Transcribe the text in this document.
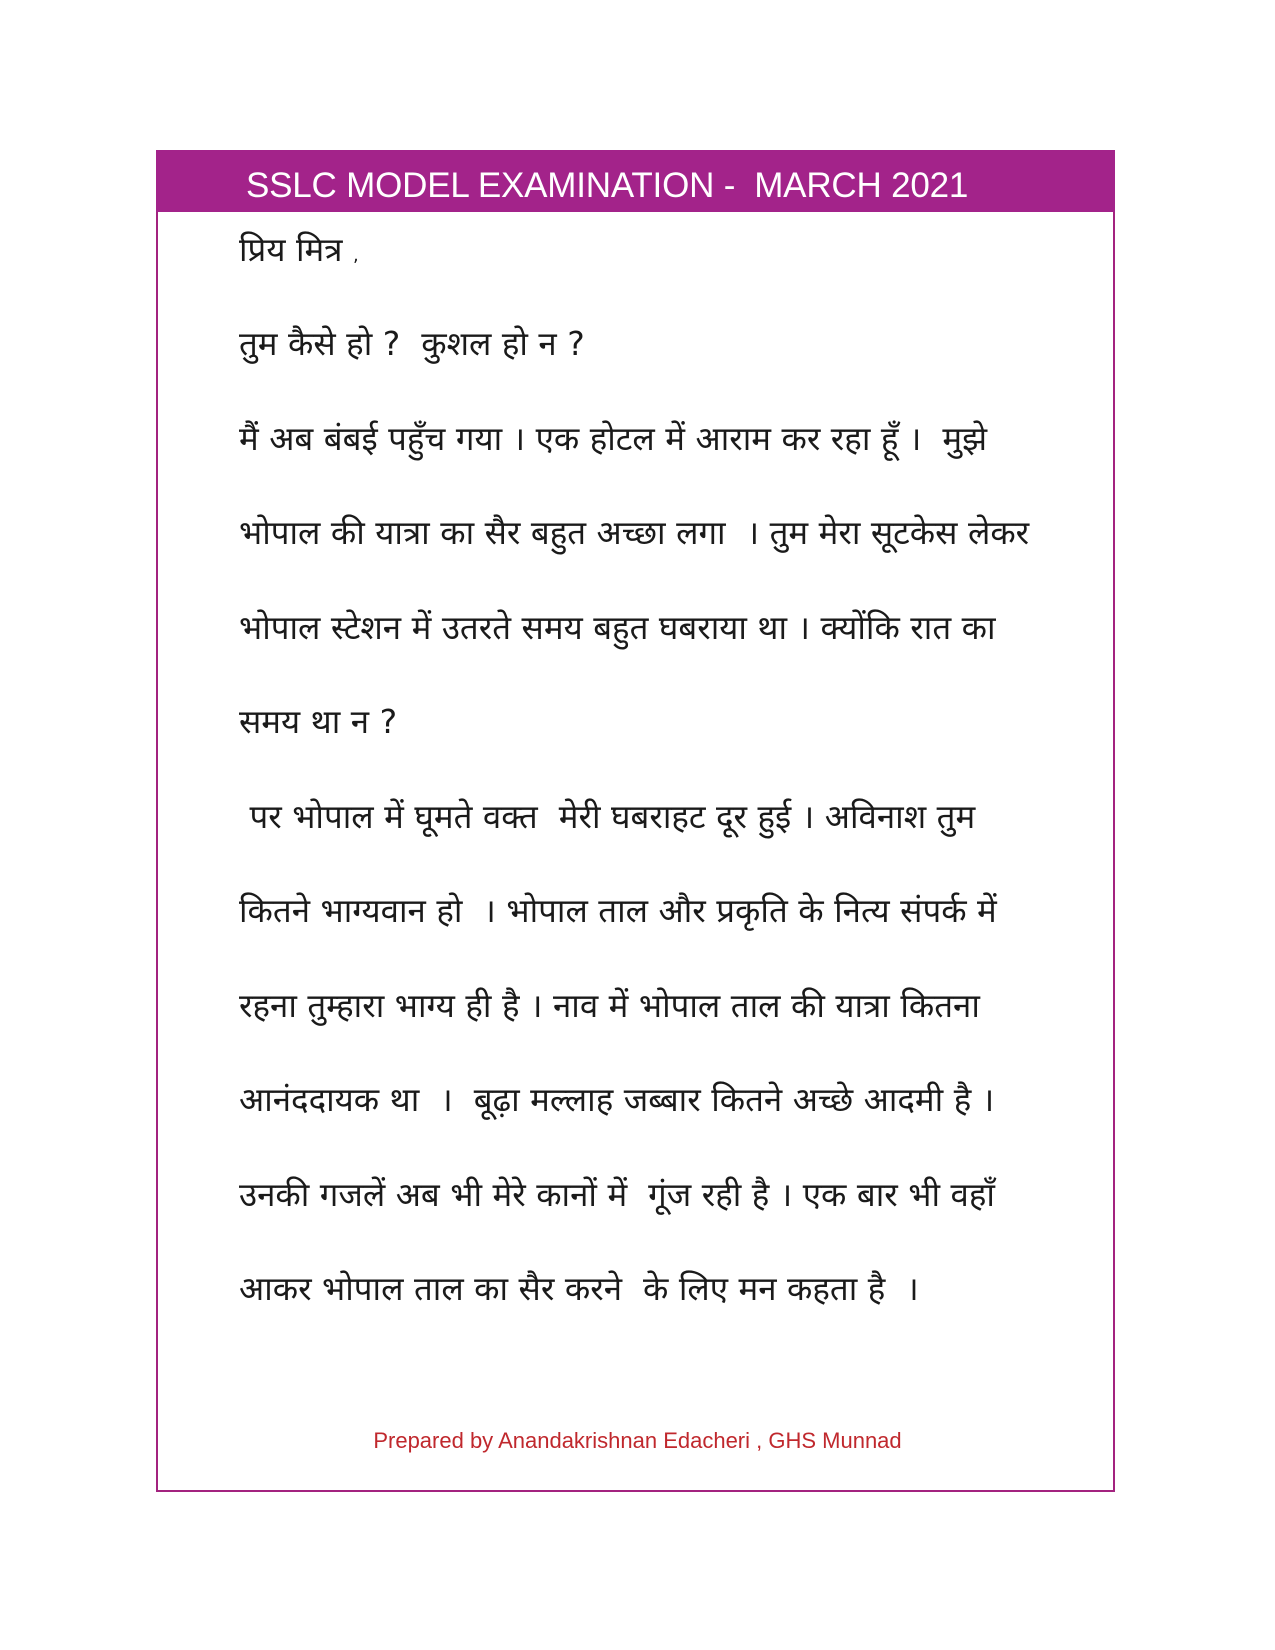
SSLC MODEL EXAMINATION -  MARCH 2021
प्रिय मित्र ,
तुम कैसे हो ?  कुशल हो न ?
मैं अब बंबई पहुँच गया । एक होटल में आराम कर रहा हूँ ।  मुझे
भोपाल की यात्रा का सैर बहुत अच्छा लगा  । तुम मेरा सूटकेस लेकर
भोपाल स्टेशन में उतरते समय बहुत घबराया था । क्योंकि रात का
समय था न ?
पर भोपाल में घूमते वक्त  मेरी घबराहट दूर हुई । अविनाश तुम
कितने भाग्यवान हो  । भोपाल ताल और प्रकृति के नित्य संपर्क में
रहना तुम्हारा भाग्य ही है । नाव में भोपाल ताल की यात्रा कितना
आनंददायक था  ।  बूढ़ा मल्लाह जब्बार कितने अच्छे आदमी है ।
उनकी गजलें अब भी मेरे कानों में  गूंज रही है । एक बार भी वहाँ
आकर भोपाल ताल का सैर करने  के लिए मन कहता है  ।
Prepared by Anandakrishnan Edacheri , GHS Munnad
